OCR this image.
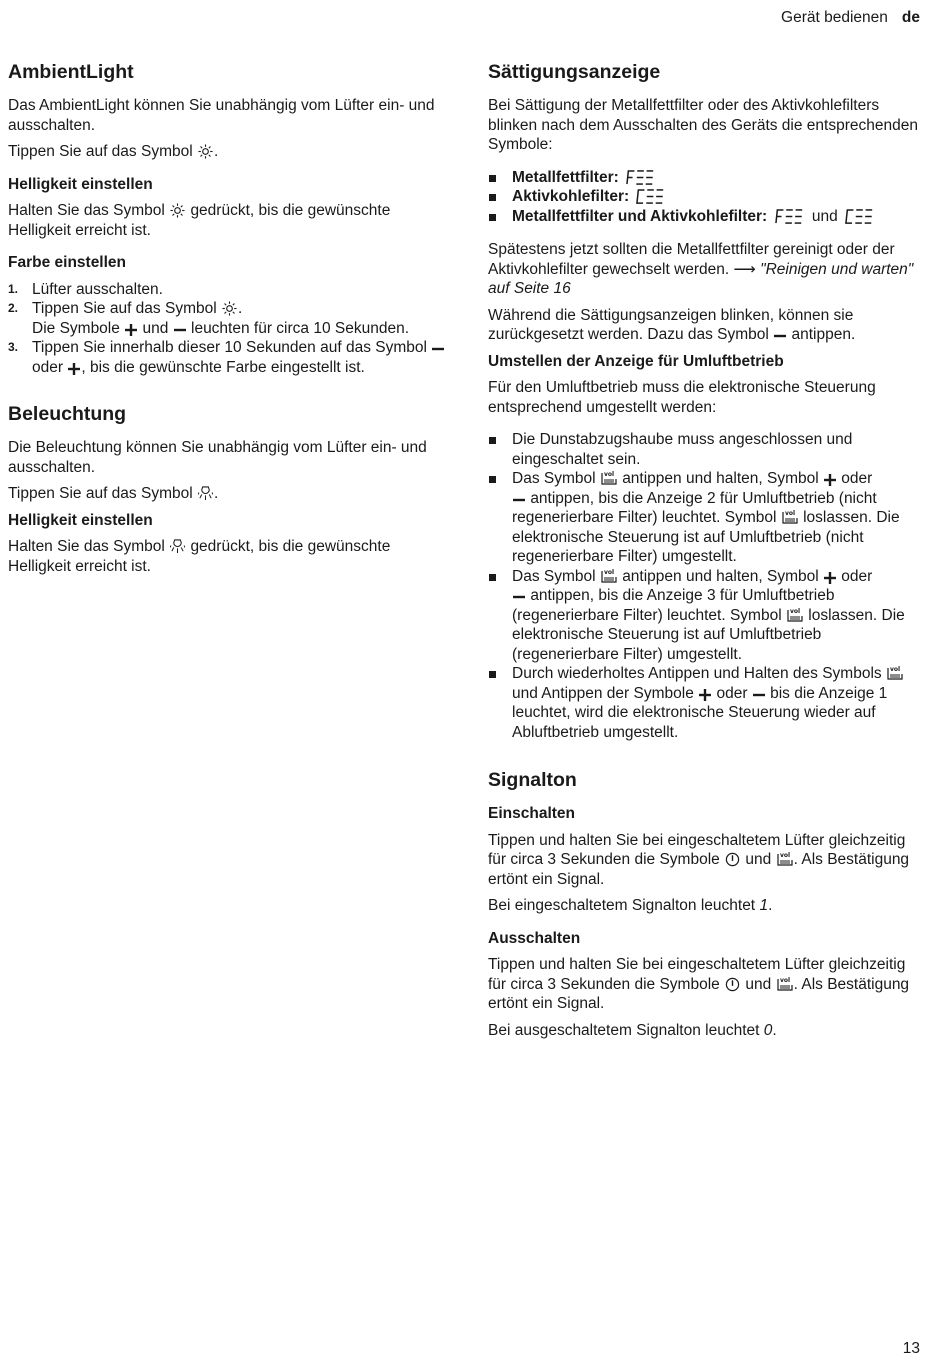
Gerät bedienen de
AmbientLight

Das AmbientLight können Sie unabhängig vom Lüfter ein- und ausschalten.

Tippen Sie auf das Symbol .

Helligkeit einstellen

Halten Sie das Symbol gedrückt, bis die gewünschte Helligkeit erreicht ist.

Farbe einstellen
1. Lüfter ausschalten.
2. Tippen Sie auf das Symbol .
Die Symbole und leuchten für circa 10 Sekunden.
3. Tippen Sie innerhalb dieser 10 Sekunden auf das Symbol  oder , bis die gewünschte Farbe eingestellt ist.
Beleuchtung

Die Beleuchtung können Sie unabhängig vom Lüfter ein- und ausschalten.

Tippen Sie auf das Symbol .

Helligkeit einstellen

Halten Sie das Symbol gedrückt, bis die gewünschte Helligkeit erreicht ist.

Sättigungsanzeige

Bei Sättigung der Metallfettfilter oder des Aktivkohlefilters blinken nach dem Ausschalten des Geräts die entsprechenden Symbole:

Metallfettfilter:
Aktivkohlefilter:
Metallfettfilter und Aktivkohlefilter:	und

Spätestens jetzt sollten die Metallfettfilter gereinigt oder der Aktivkohlefilter gewechselt werden. ⟶ "Reinigen und warten" auf Seite 16

Während die Sättigungsanzeigen blinken, können sie zurückgesetzt werden. Dazu das Symbol antippen.

Umstellen der Anzeige für Umluftbetrieb

Für den Umluftbetrieb muss die elektronische Steuerung entsprechend umgestellt werden:

Die Dunstabzugshaube muss angeschlossen und eingeschaltet sein.
Das Symbol antippen und halten, Symbol oder
antippen, bis die Anzeige 2 für Umluftbetrieb (nicht regenerierbare Filter) leuchtet. Symbol loslassen. Die elektronische Steuerung ist auf Umluftbetrieb (nicht regenerierbare Filter) umgestellt.
Das Symbol antippen und halten, Symbol oder
antippen, bis die Anzeige 3 für Umluftbetrieb (regenerierbare Filter) leuchtet. Symbol loslassen. Die elektronische Steuerung ist auf Umluftbetrieb (regenerierbare Filter) umgestellt.
Durch wiederholtes Antippen und Halten des Symbols  und Antippen der Symbole oder bis die Anzeige 1 leuchtet, wird die elektronische Steuerung wieder auf Abluftbetrieb umgestellt.
Signalton
Einschalten

Tippen und halten Sie bei eingeschaltetem Lüfter gleichzeitig für circa 3 Sekunden die Symbole und . Als Bestätigung ertönt ein Signal.

Bei eingeschaltetem Signalton leuchtet 1.

Ausschalten

Tippen und halten Sie bei eingeschaltetem Lüfter gleichzeitig für circa 3 Sekunden die Symbole und . Als Bestätigung ertönt ein Signal.

Bei ausgeschaltetem Signalton leuchtet 0.

13
